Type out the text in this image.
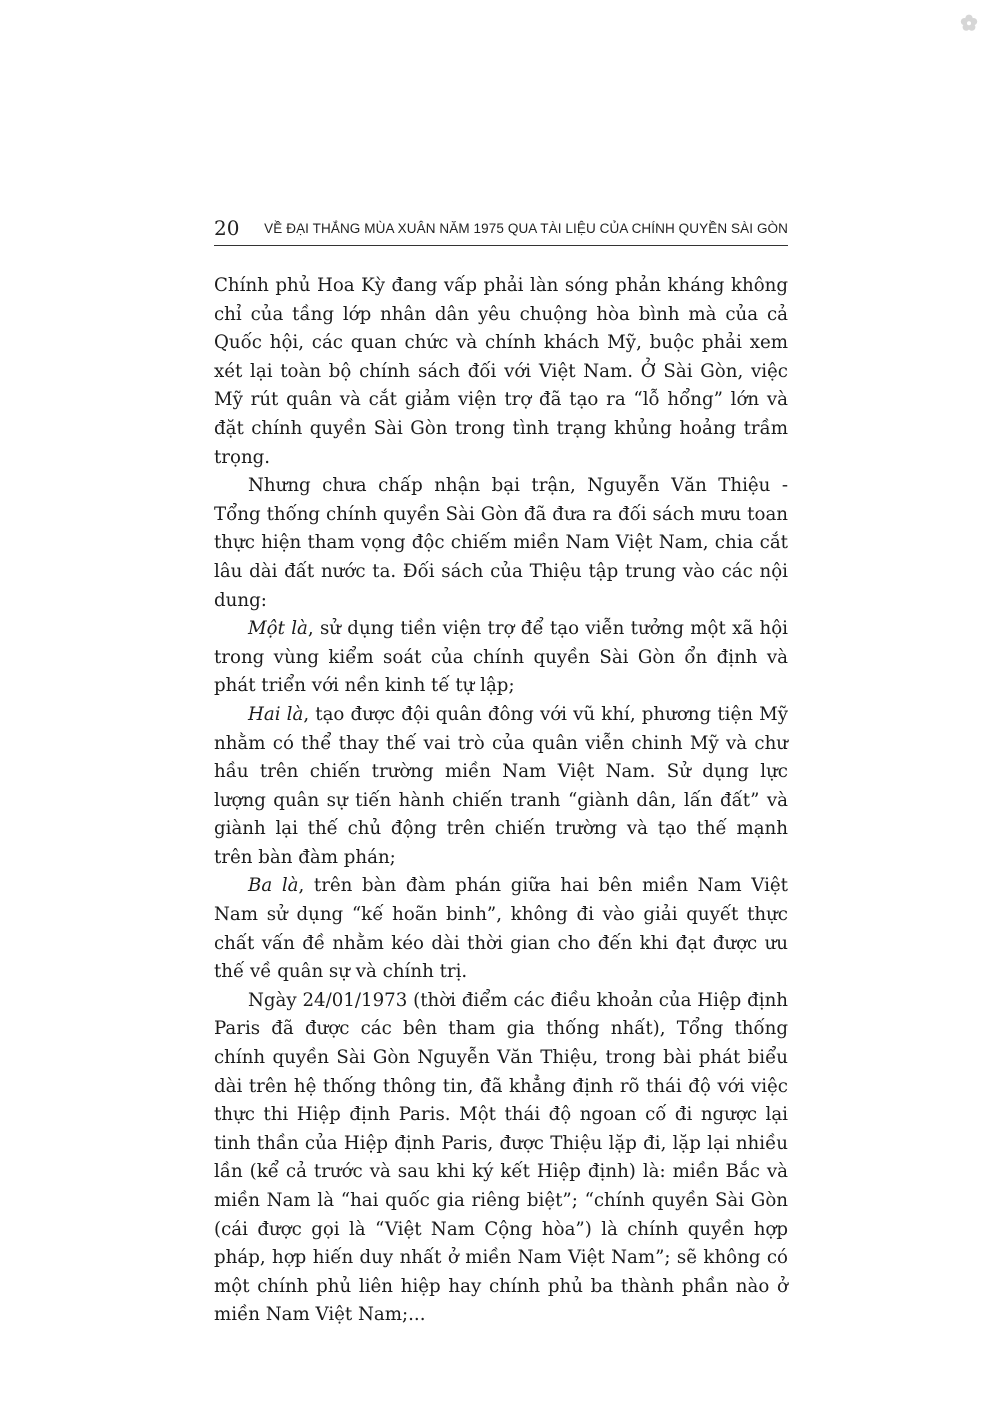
20 VỀ ĐẠI THẮNG MÙA XUÂN NĂM 1975 QUA TÀI LIỆU CỦA CHÍNH QUYỀN SÀI GÒN

Chính phủ Hoa Kỳ đang vấp phải làn sóng phản kháng không chỉ của tầng lớp nhân dân yêu chuộng hòa bình mà của cả Quốc hội, các quan chức và chính khách Mỹ, buộc phải xem xét lại toàn bộ chính sách đối với Việt Nam. Ở Sài Gòn, việc Mỹ rút quân và cắt giảm viện trợ đã tạo ra “lỗ hổng” lớn và đặt chính quyền Sài Gòn trong tình trạng khủng hoảng trầm trọng.

Nhưng chưa chấp nhận bại trận, Nguyễn Văn Thiệu - Tổng thống chính quyền Sài Gòn đã đưa ra đối sách mưu toan thực hiện tham vọng độc chiếm miền Nam Việt Nam, chia cắt lâu dài đất nước ta. Đối sách của Thiệu tập trung vào các nội dung:

Một là, sử dụng tiền viện trợ để tạo viễn tưởng một xã hội trong vùng kiểm soát của chính quyền Sài Gòn ổn định và phát triển với nền kinh tế tự lập;

Hai là, tạo được đội quân đông với vũ khí, phương tiện Mỹ nhằm có thể thay thế vai trò của quân viễn chinh Mỹ và chư hầu trên chiến trường miền Nam Việt Nam. Sử dụng lực lượng quân sự tiến hành chiến tranh “giành dân, lấn đất” và giành lại thế chủ động trên chiến trường và tạo thế mạnh trên bàn đàm phán;

Ba là, trên bàn đàm phán giữa hai bên miền Nam Việt Nam sử dụng “kế hoãn binh”, không đi vào giải quyết thực chất vấn đề nhằm kéo dài thời gian cho đến khi đạt được ưu thế về quân sự và chính trị.

Ngày 24/01/1973 (thời điểm các điều khoản của Hiệp định Paris đã được các bên tham gia thống nhất), Tổng thống chính quyền Sài Gòn Nguyễn Văn Thiệu, trong bài phát biểu dài trên hệ thống thông tin, đã khẳng định rõ thái độ với việc thực thi Hiệp định Paris. Một thái độ ngoan cố đi ngược lại tinh thần của Hiệp định Paris, được Thiệu lặp đi, lặp lại nhiều lần (kể cả trước và sau khi ký kết Hiệp định) là: miền Bắc và miền Nam là “hai quốc gia riêng biệt”; “chính quyền Sài Gòn (cái được gọi là “Việt Nam Cộng hòa”) là chính quyền hợp pháp, hợp hiến duy nhất ở miền Nam Việt Nam”; sẽ không có một chính phủ liên hiệp hay chính phủ ba thành phần nào ở miền Nam Việt Nam;...
